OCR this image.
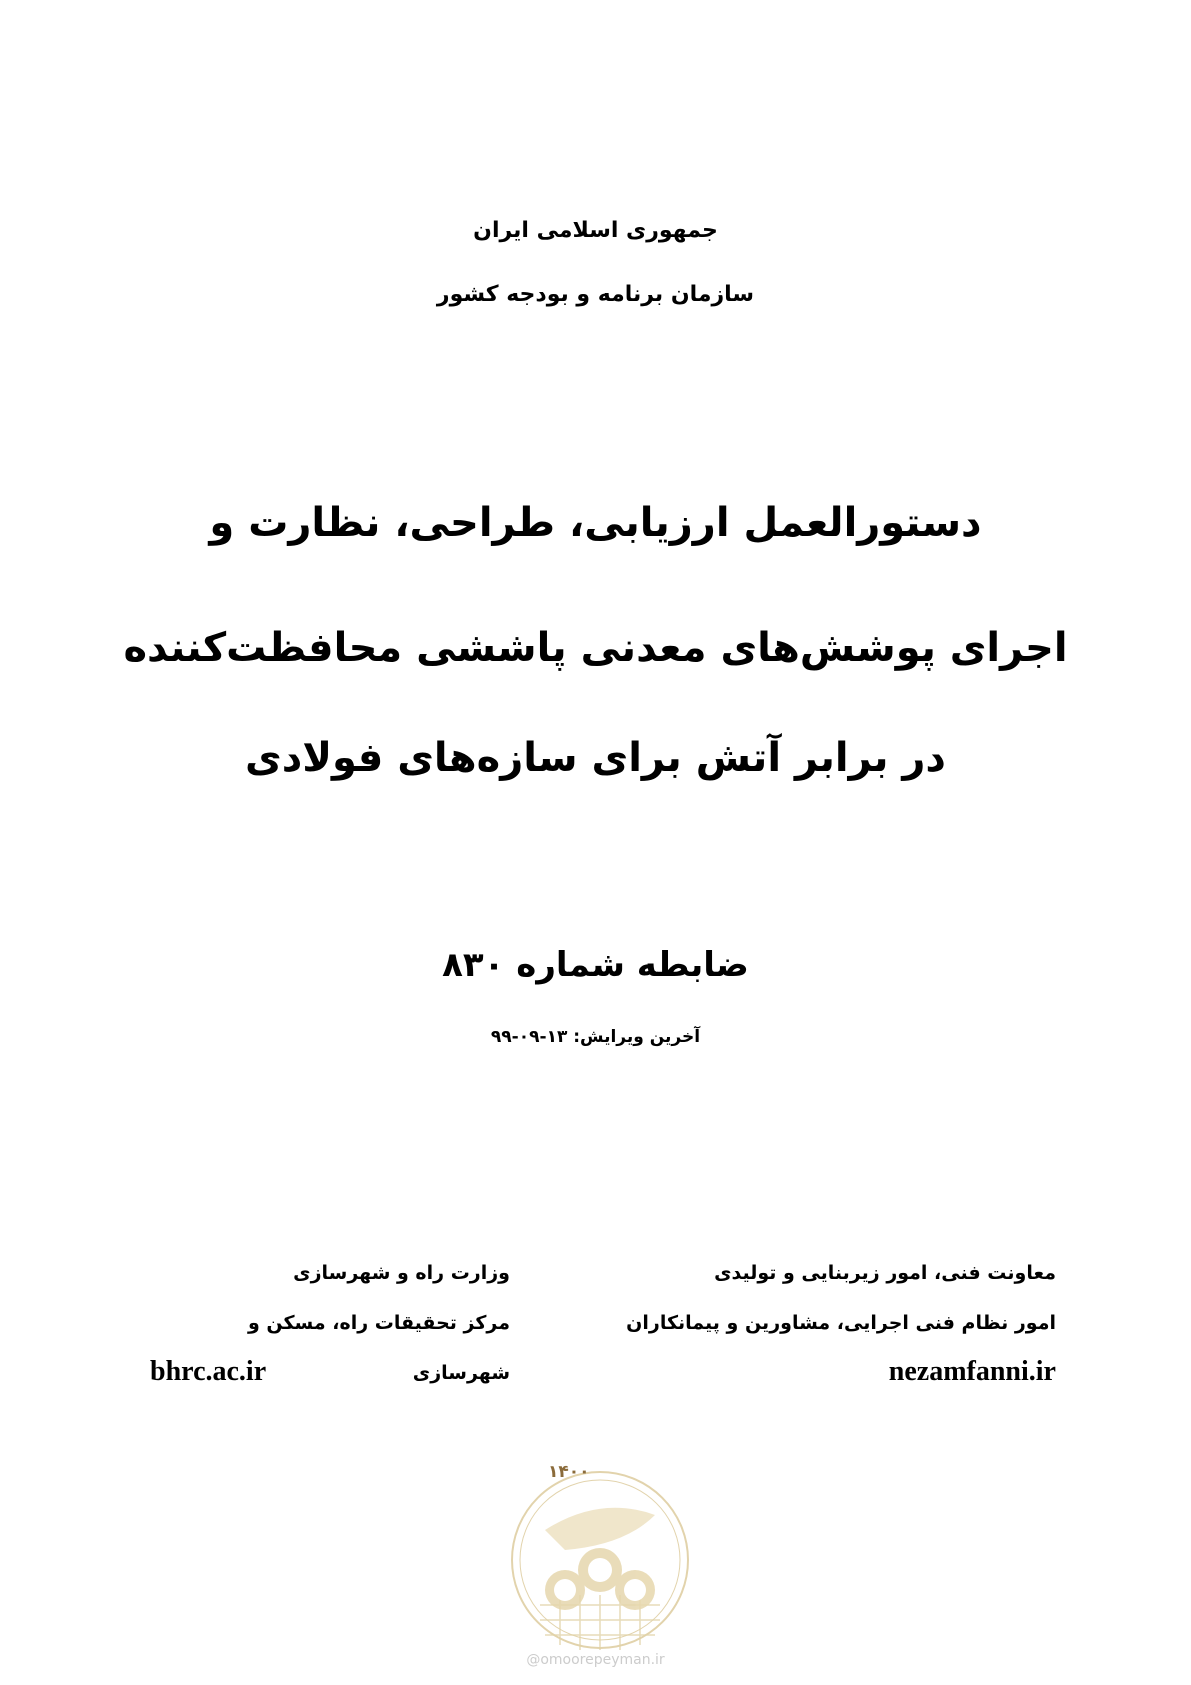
جمهوری اسلامی ایران
سازمان برنامه و بودجه کشور
دستورالعمل ارزیابی، طراحی، نظارت و
اجرای پوشش‌های معدنی پاششی محافظت‌کننده
در برابر آتش برای سازه‌های فولادی
ضابطه شماره ۸۳۰
آخرین ویرایش: ۱۳-۰۹-۹۹
معاونت فنی، امور زیربنایی و تولیدی
امور نظام فنی اجرایی، مشاورین و پیمانکاران
nezamfanni.ir
وزارت راه و شهرسازی
مرکز تحقیقات راه، مسکن و شهرسازی
bhrc.ac.ir
۱۴۰۰
@omoorepeyman.ir
